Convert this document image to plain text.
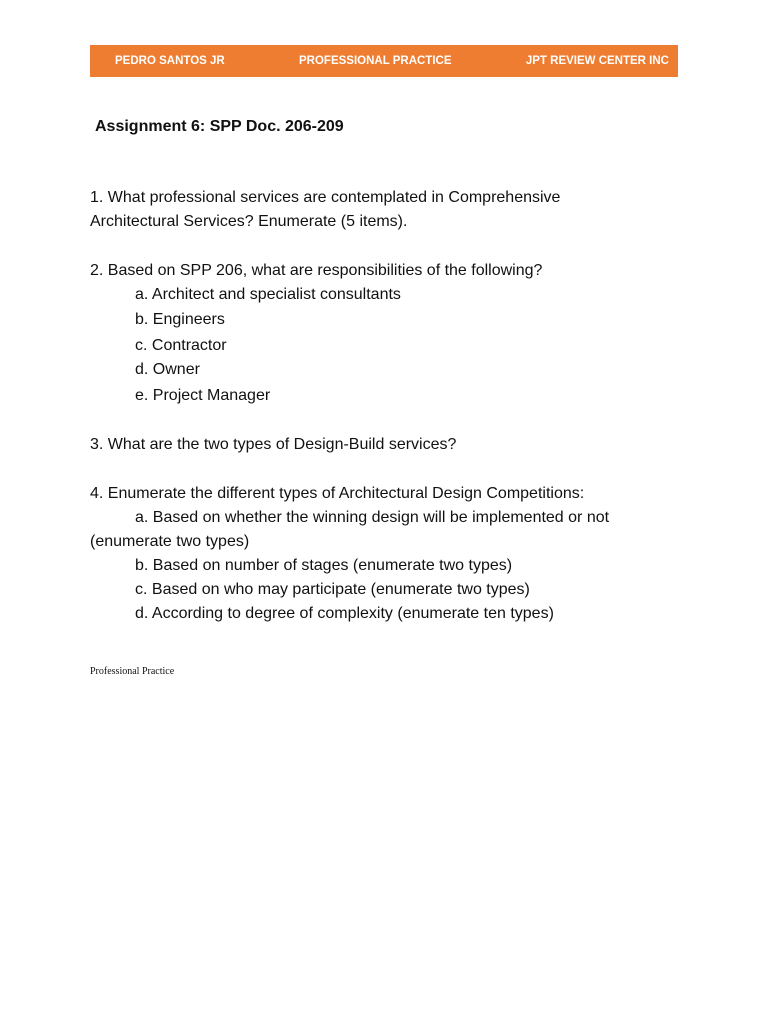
PEDRO SANTOS JR	PROFESSIONAL PRACTICE	JPT REVIEW CENTER INC
Assignment 6: SPP Doc. 206-209
1. What professional services are contemplated in Comprehensive
Architectural Services? Enumerate (5 items).
2. Based on SPP 206, what are responsibilities of the following?
a. Architect and specialist consultants
b. Engineers
c. Contractor
d. Owner
e. Project Manager
3. What are the two types of Design-Build services?
4. Enumerate the different types of Architectural Design Competitions:
a. Based on whether the winning design will be implemented or not
(enumerate two types)
b. Based on number of stages (enumerate two types)
c. Based on who may participate (enumerate two types)
d. According to degree of complexity (enumerate ten types)
Professional Practice
